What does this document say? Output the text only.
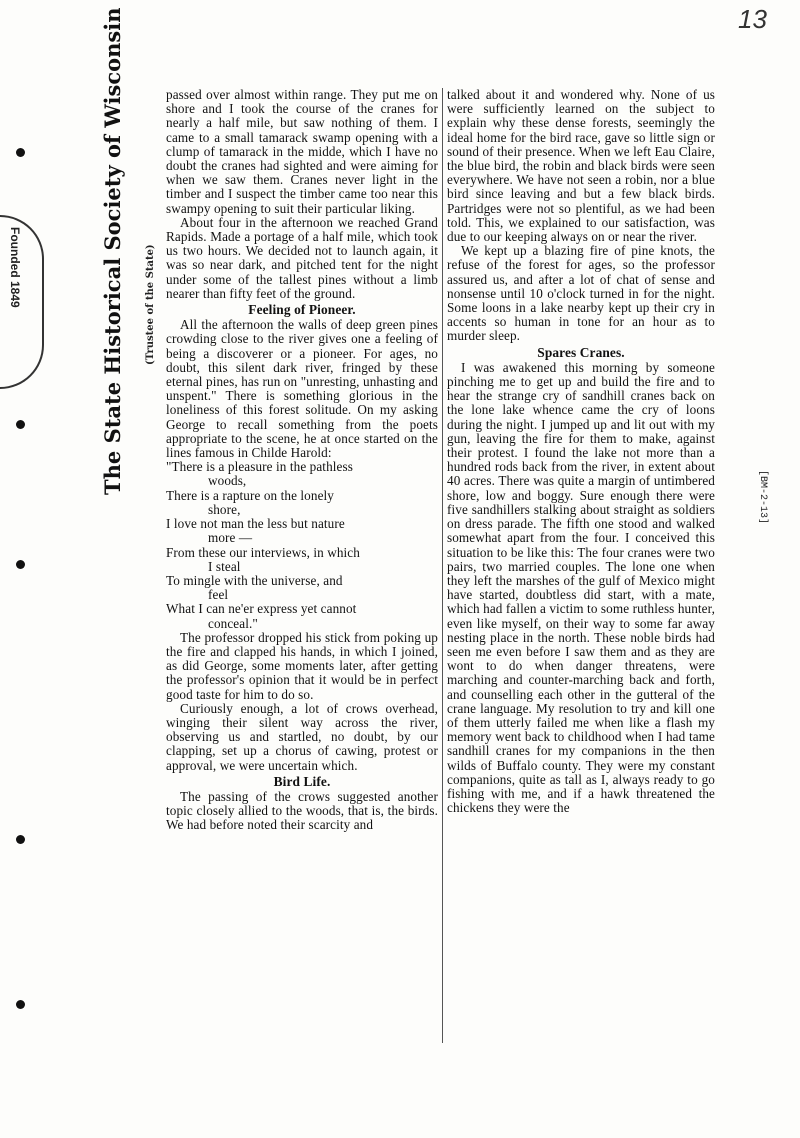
13
Founded 1849	The State Historical Society of Wisconsin (Trustee of the State)
[BM-2-13]

passed over almost within range. They put me on shore and I took the course of the cranes for nearly a half mile, but saw nothing of them. I came to a small tamarack swamp opening with a clump of tamarack in the midde, which I have no doubt the cranes had sighted and were aiming for when we saw them. Cranes never light in the timber and I suspect the timber came too near this swampy opening to suit their particular liking.

About four in the afternoon we reached Grand Rapids. Made a portage of a half mile, which took us two hours. We decided not to launch again, it was so near dark, and pitched tent for the night under some of the tallest pines without a limb nearer than fifty feet of the ground.

Feeling of Pioneer.

All the afternoon the walls of deep green pines crowding close to the river gives one a feeling of being a discoverer or a pioneer. For ages, no doubt, this silent dark river, fringed by these eternal pines, has run on "unresting, unhasting and unspent." There is something glorious in the loneliness of this forest solitude. On my asking George to recall something from the poets appropriate to the scene, he at once started on the lines famous in Childe Harold:

"There is a pleasure in the pathless
woods,
There is a rapture on the lonely
shore,
I love not man the less but nature
more —
From these our interviews, in which
I steal
To mingle with the universe, and
feel
What I can ne'er express yet cannot
conceal."

The professor dropped his stick from poking up the fire and clapped his hands, in which I joined, as did George, some moments later, after getting the professor's opinion that it would be in perfect good taste for him to do so.

Curiously enough, a lot of crows overhead, winging their silent way across the river, observing us and startled, no doubt, by our clapping, set up a chorus of cawing, protest or approval, we were uncertain which.

Bird Life.

The passing of the crows suggested another topic closely allied to the woods, that is, the birds. We had before noted their scarcity and

talked about it and wondered why. None of us were sufficiently learned on the subject to explain why these dense forests, seemingly the ideal home for the bird race, gave so little sign or sound of their presence. When we left Eau Claire, the blue bird, the robin and black birds were seen everywhere. We have not seen a robin, nor a blue bird since leaving and but a few black birds. Partridges were not so plentiful, as we had been told. This, we explained to our satisfaction, was due to our keeping always on or near the river.

We kept up a blazing fire of pine knots, the refuse of the forest for ages, so the professor assured us, and after a lot of chat of sense and nonsense until 10 o'clock turned in for the night. Some loons in a lake nearby kept up their cry in accents so human in tone for an hour as to murder sleep.

Spares Cranes.

I was awakened this morning by someone pinching me to get up and build the fire and to hear the strange cry of sandhill cranes back on the lone lake whence came the cry of loons during the night. I jumped up and lit out with my gun, leaving the fire for them to make, against their protest. I found the lake not more than a hundred rods back from the river, in extent about 40 acres. There was quite a margin of untimbered shore, low and boggy. Sure enough there were five sandhillers stalking about straight as soldiers on dress parade. The fifth one stood and walked somewhat apart from the four. I conceived this situation to be like this: The four cranes were two pairs, two married couples. The lone one when they left the marshes of the gulf of Mexico might have started, doubtless did start, with a mate, which had fallen a victim to some ruthless hunter, even like myself, on their way to some far away nesting place in the north. These noble birds had seen me even before I saw them and as they are wont to do when danger threatens, were marching and counter-marching back and forth, and counselling each other in the gutteral of the crane language. My resolution to try and kill one of them utterly failed me when like a flash my memory went back to childhood when I had tame sandhill cranes for my companions in the then wilds of Buffalo county. They were my constant companions, quite as tall as I, always ready to go fishing with me, and if a hawk threatened the chickens they were the
